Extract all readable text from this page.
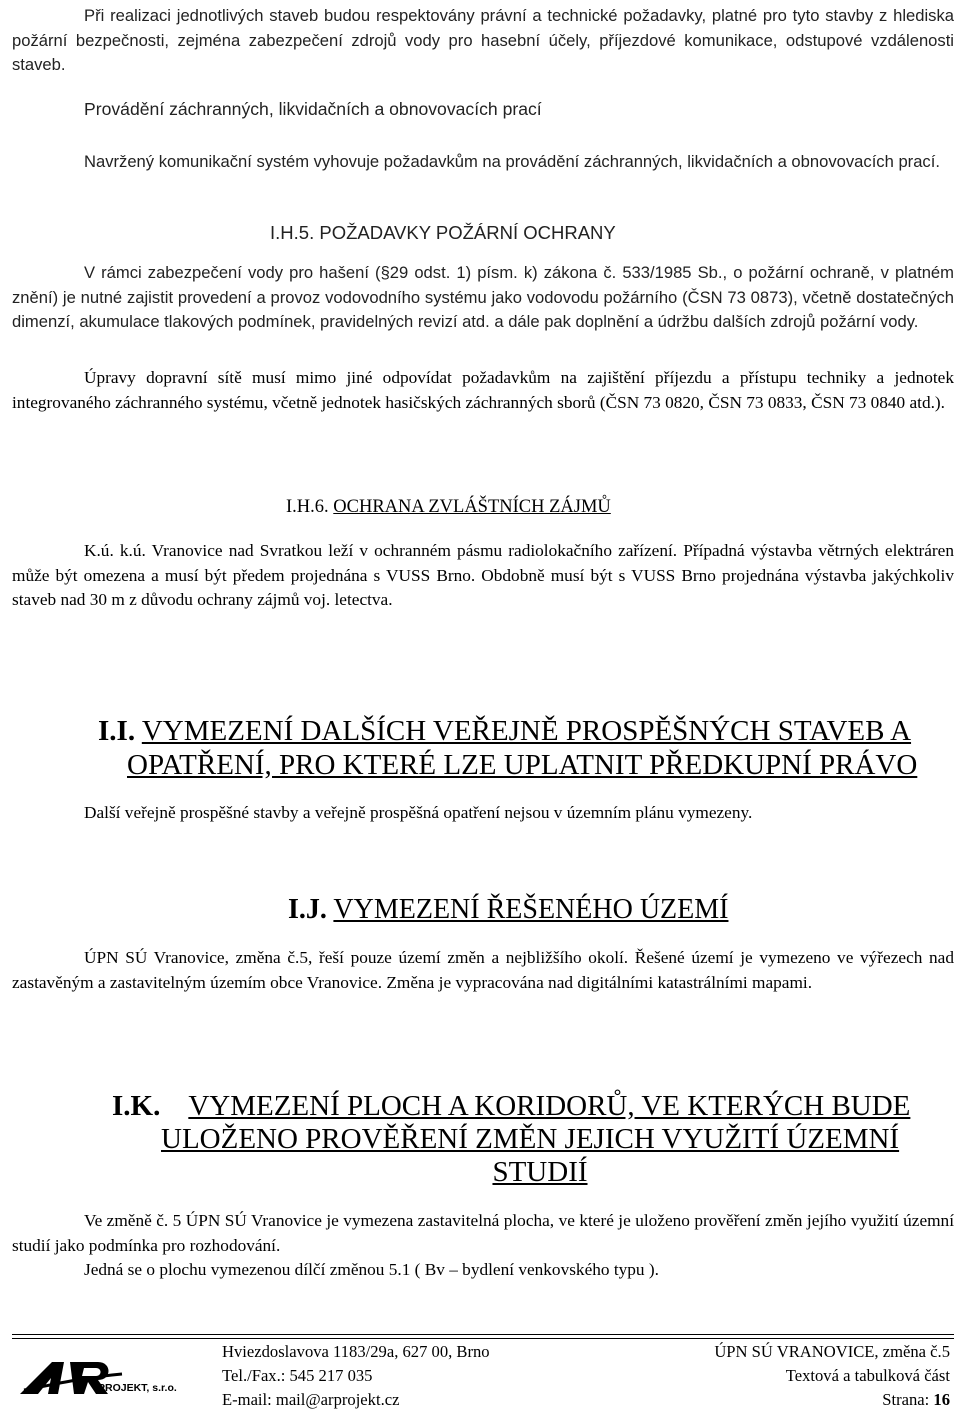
Při realizaci jednotlivých staveb budou respektovány právní a technické požadavky, platné pro tyto stavby z hlediska požární bezpečnosti, zejména zabezpečení zdrojů vody pro hasební účely, příjezdové komunikace, odstupové vzdálenosti staveb.

Provádění záchranných, likvidačních a obnovovacích prací

Navržený komunikační systém vyhovuje požadavkům na provádění záchranných, likvidačních a obnovovacích prací.

I.H.5. POŽADAVKY POŽÁRNÍ OCHRANY

V rámci zabezpečení vody pro hašení (§29 odst. 1) písm. k) zákona č. 533/1985 Sb., o požární ochraně, v platném znění) je nutné zajistit provedení a provoz vodovodního systému jako vodovodu požárního (ČSN 73 0873), včetně dostatečných dimenzí, akumulace tlakových podmínek, pravidelných revizí atd. a dále pak doplnění a údržbu dalších zdrojů požární vody.

Úpravy dopravní sítě musí mimo jiné odpovídat požadavkům na zajištění příjezdu a přístupu techniky a jednotek integrovaného záchranného systému, včetně jednotek hasičských záchranných sborů (ČSN 73 0820, ČSN 73 0833, ČSN 73 0840 atd.).

I.H.6. OCHRANA ZVLÁŠTNÍCH ZÁJMŮ

K.ú. k.ú. Vranovice nad Svratkou leží v ochranném pásmu radiolokačního zařízení. Případná výstavba větrných elektráren může být omezena a musí být předem projednána s VUSS Brno. Obdobně musí být s VUSS Brno projednána výstavba jakýchkoliv staveb nad 30 m z důvodu ochrany zájmů voj. letectva.

I.I. VYMEZENÍ DALŠÍCH VEŘEJNĚ PROSPĚŠNÝCH STAVEB A
OPATŘENÍ, PRO KTERÉ LZE UPLATNIT PŘEDKUPNÍ PRÁVO

Další veřejně prospěšné stavby a veřejně prospěšná opatření nejsou v územním plánu vymezeny.

I.J. VYMEZENÍ ŘEŠENÉHO ÚZEMÍ

ÚPN SÚ Vranovice, změna č.5, řeší pouze území změn a nejbližšího okolí. Řešené území je vymezeno ve výřezech nad zastavěným a zastavitelným územím obce Vranovice. Změna je vypracována nad digitálními katastrálními mapami.

I.K. VYMEZENÍ PLOCH A KORIDORŮ, VE KTERÝCH BUDE
ULOŽENO PROVĚŘENÍ ZMĚN JEJICH VYUŽITÍ ÚZEMNÍ
STUDIÍ

Ve změně č. 5 ÚPN SÚ Vranovice je vymezena zastavitelná plocha, ve které je uloženo prověření změn jejího využití územní studií jako podmínka pro rozhodování.

Jedná se o plochu vymezenou dílčí změnou 5.1 ( Bv – bydlení venkovského typu ).

PROJEKT, s.r.o.
Hviezdoslavova 1183/29a, 627 00, Brno
Tel./Fax.: 545 217 035
E-mail: mail@arprojekt.cz
ÚPN SÚ VRANOVICE, změna č.5
Textová a tabulková část
Strana: 16
